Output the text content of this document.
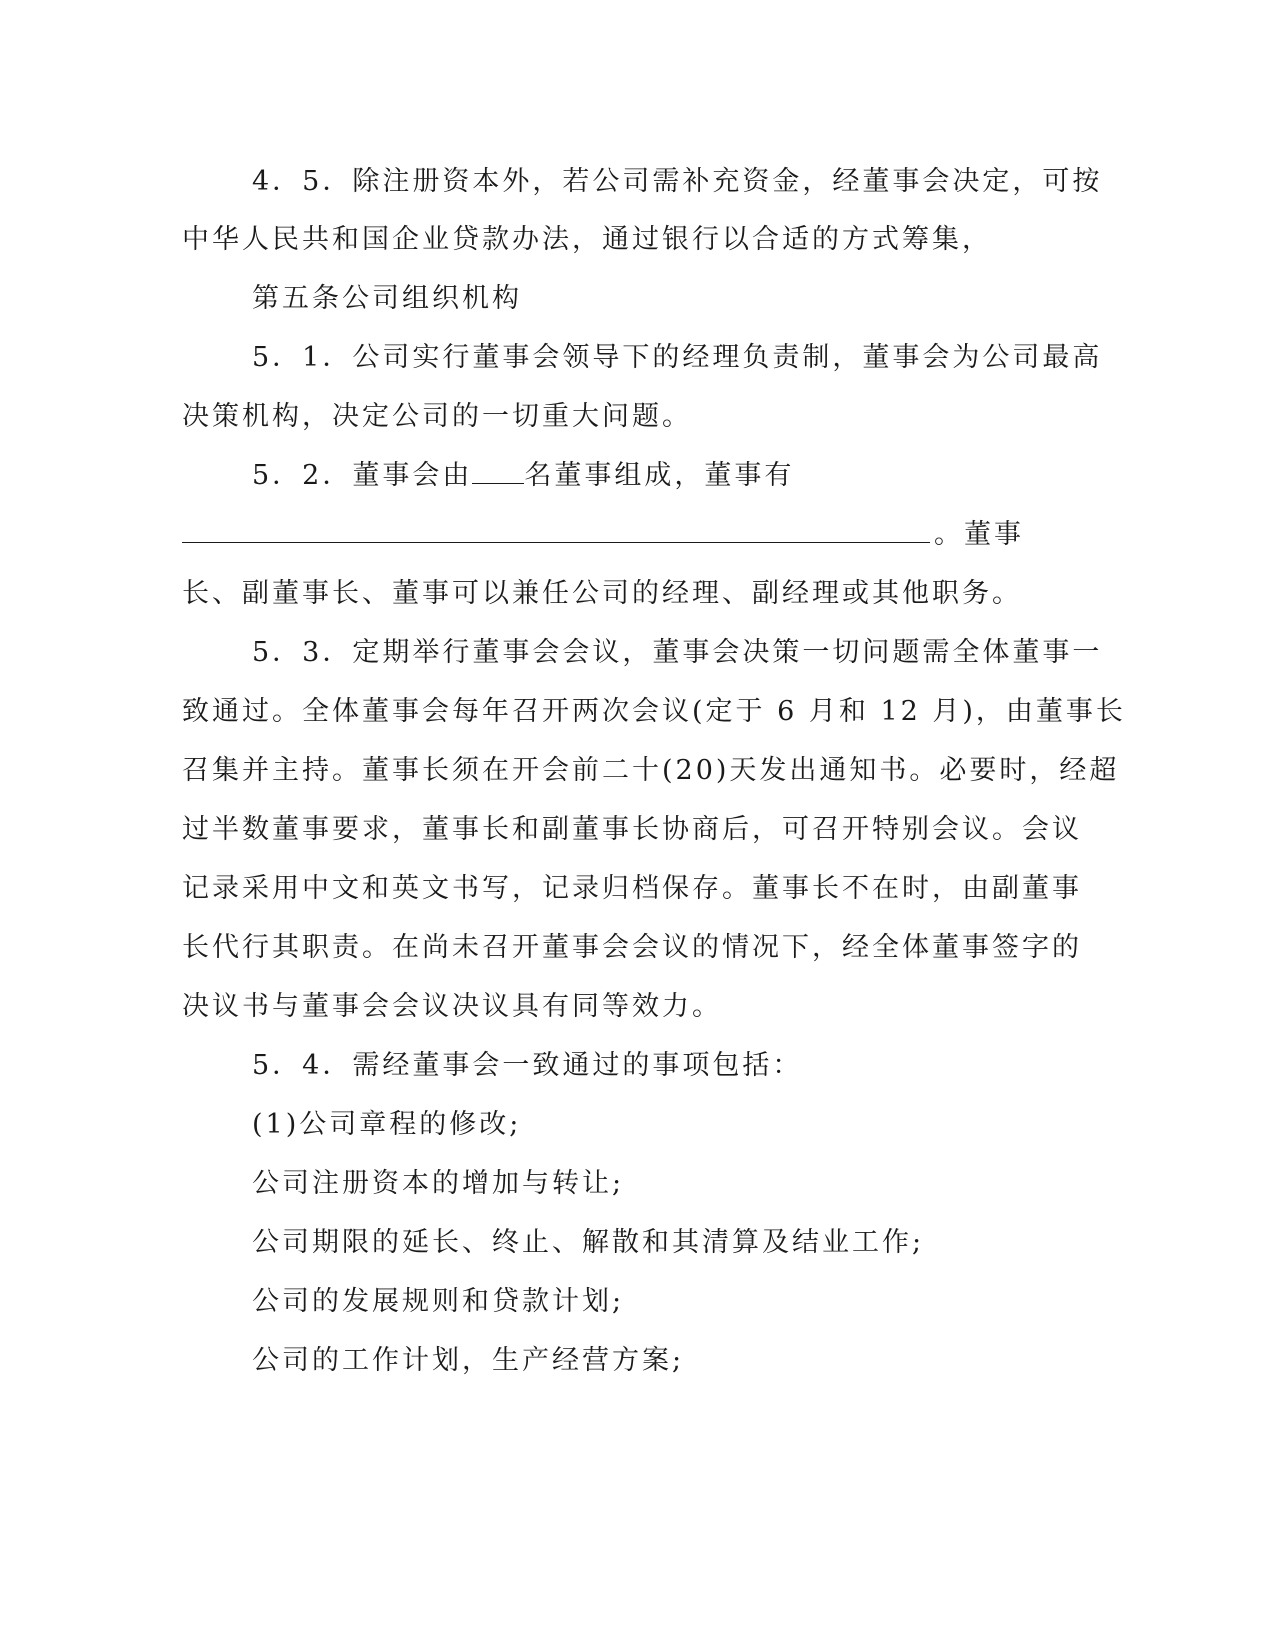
4．5．除注册资本外，若公司需补充资金，经董事会决定，可按
中华人民共和国企业贷款办法，通过银行以合适的方式筹集，
第五条公司组织机构
5．1．公司实行董事会领导下的经理负责制，董事会为公司最高
决策机构，决定公司的一切重大问题。
5．2．董事会由 名董事组成，董事有
。董事
长、副董事长、董事可以兼任公司的经理、副经理或其他职务。
5．3．定期举行董事会会议，董事会决策一切问题需全体董事一
致通过。全体董事会每年召开两次会议(定于 6 月和 12 月)，由董事长
召集并主持。董事长须在开会前二十(20)天发出通知书。必要时，经超
过半数董事要求，董事长和副董事长协商后，可召开特别会议。会议
记录采用中文和英文书写，记录归档保存。董事长不在时，由副董事
长代行其职责。在尚未召开董事会会议的情况下，经全体董事签字的
决议书与董事会会议决议具有同等效力。
5．4．需经董事会一致通过的事项包括：
(1)公司章程的修改;
公司注册资本的增加与转让;
公司期限的延长、终止、解散和其清算及结业工作;
公司的发展规则和贷款计划;
公司的工作计划，生产经营方案;
